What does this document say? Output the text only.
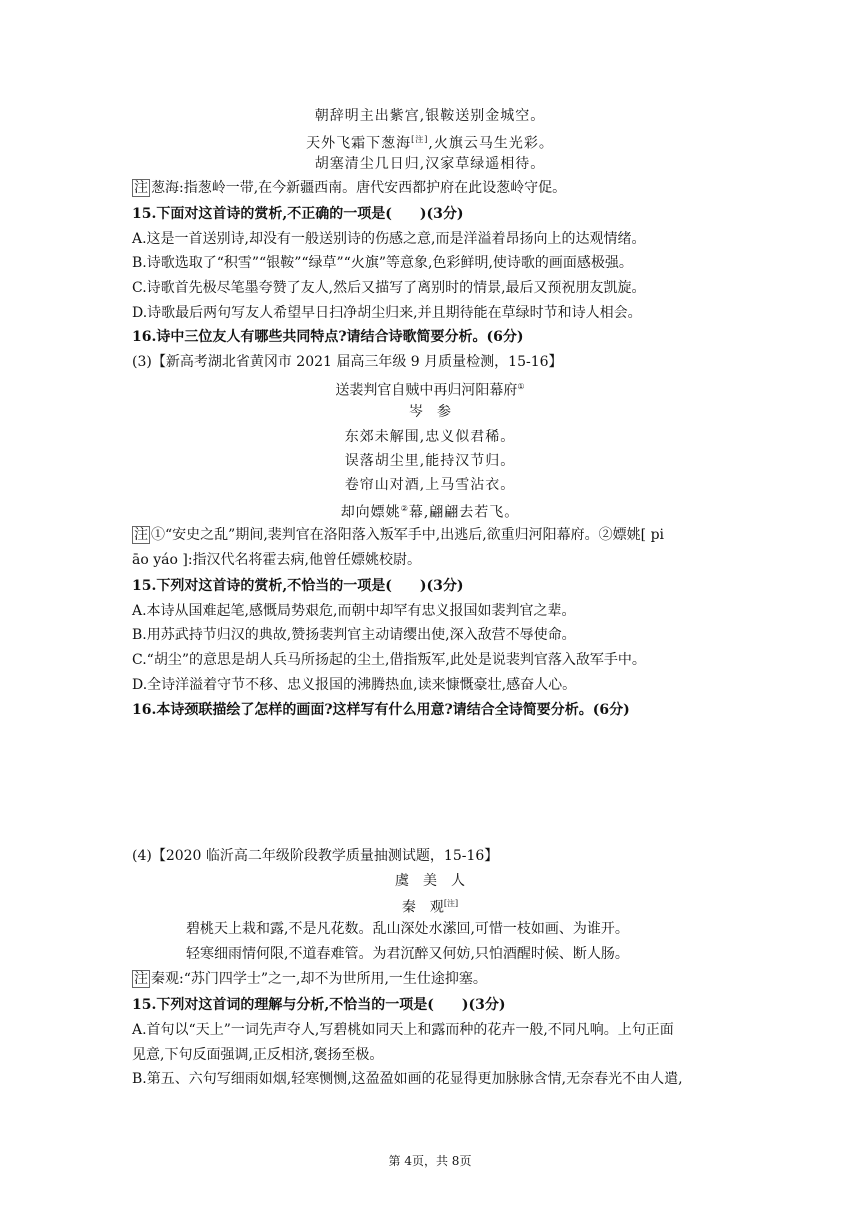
朝辞明主出紫宫,银鞍送别金城空。
天外飞霜下葱海[注],火旗云马生光彩。
胡塞清尘几日归,汉家草绿遥相待。
注 葱海:指葱岭一带,在今新疆西南。唐代安西都护府在此设葱岭守促。
15.下面对这首诗的赏析,不正确的一项是(　　)(3分)
A.这是一首送别诗,却没有一般送别诗的伤感之意,而是洋溢着昂扬向上的达观情绪。
B.诗歌选取了“积雪”“银鞍”“绿草”“火旗”等意象,色彩鲜明,使诗歌的画面感极强。
C.诗歌首先极尽笔墨夸赞了友人,然后又描写了离别时的情景,最后又预祝朋友凯旋。
D.诗歌最后两句写友人希望早日扫净胡尘归来,并且期待能在草绿时节和诗人相会。
16.诗中三位友人有哪些共同特点?请结合诗歌简要分析。(6分)
(3)【新高考湖北省黄冈市 2021 届高三年级 9 月质量检测，15-16】
送裴判官自贼中再归河阳幕府①
岑　参
东郊未解围,忠义似君稀。
误落胡尘里,能持汉节归。
卷帘山对酒,上马雪沾衣。
却向嫖姚②幕,翩翩去若飞。
注 ①“安史之乱”期间,裴判官在洛阳落入叛军手中,出逃后,欲重归河阳幕府。②嫖姚[ pi
āo yáo ]:指汉代名将霍去病,他曾任嫖姚校尉。
15.下列对这首诗的赏析,不恰当的一项是(　　)(3分)
A.本诗从国难起笔,感慨局势艰危,而朝中却罕有忠义报国如裴判官之辈。
B.用苏武持节归汉的典故,赞扬裴判官主动请缨出使,深入敌营不辱使命。
C.“胡尘”的意思是胡人兵马所扬起的尘土,借指叛军,此处是说裴判官落入敌军手中。
D.全诗洋溢着守节不移、忠义报国的沸腾热血,读来慷慨豪壮,感奋人心。
16.本诗颈联描绘了怎样的画面?这样写有什么用意?请结合全诗简要分析。(6分)
(4)【2020 临沂高二年级阶段教学质量抽测试题，15-16】
虞　美　人
秦　观[注]
碧桃天上栽和露,不是凡花数。乱山深处水潆回,可惜一枝如画、为谁开。
轻寒细雨情何限,不道春难管。为君沉醉又何妨,只怕酒醒时候、断人肠。
注 秦观:“苏门四学士”之一,却不为世所用,一生仕途抑塞。
15.下列对这首词的理解与分析,不恰当的一项是(　　)(3分)
A.首句以“天上”一词先声夺人,写碧桃如同天上和露而种的花卉一般,不同凡响。上句正面
见意,下句反面强调,正反相济,褒扬至极。
B.第五、六句写细雨如烟,轻寒恻恻,这盈盈如画的花显得更加脉脉含情,无奈春光不由人遣,
第 4页，共 8页
